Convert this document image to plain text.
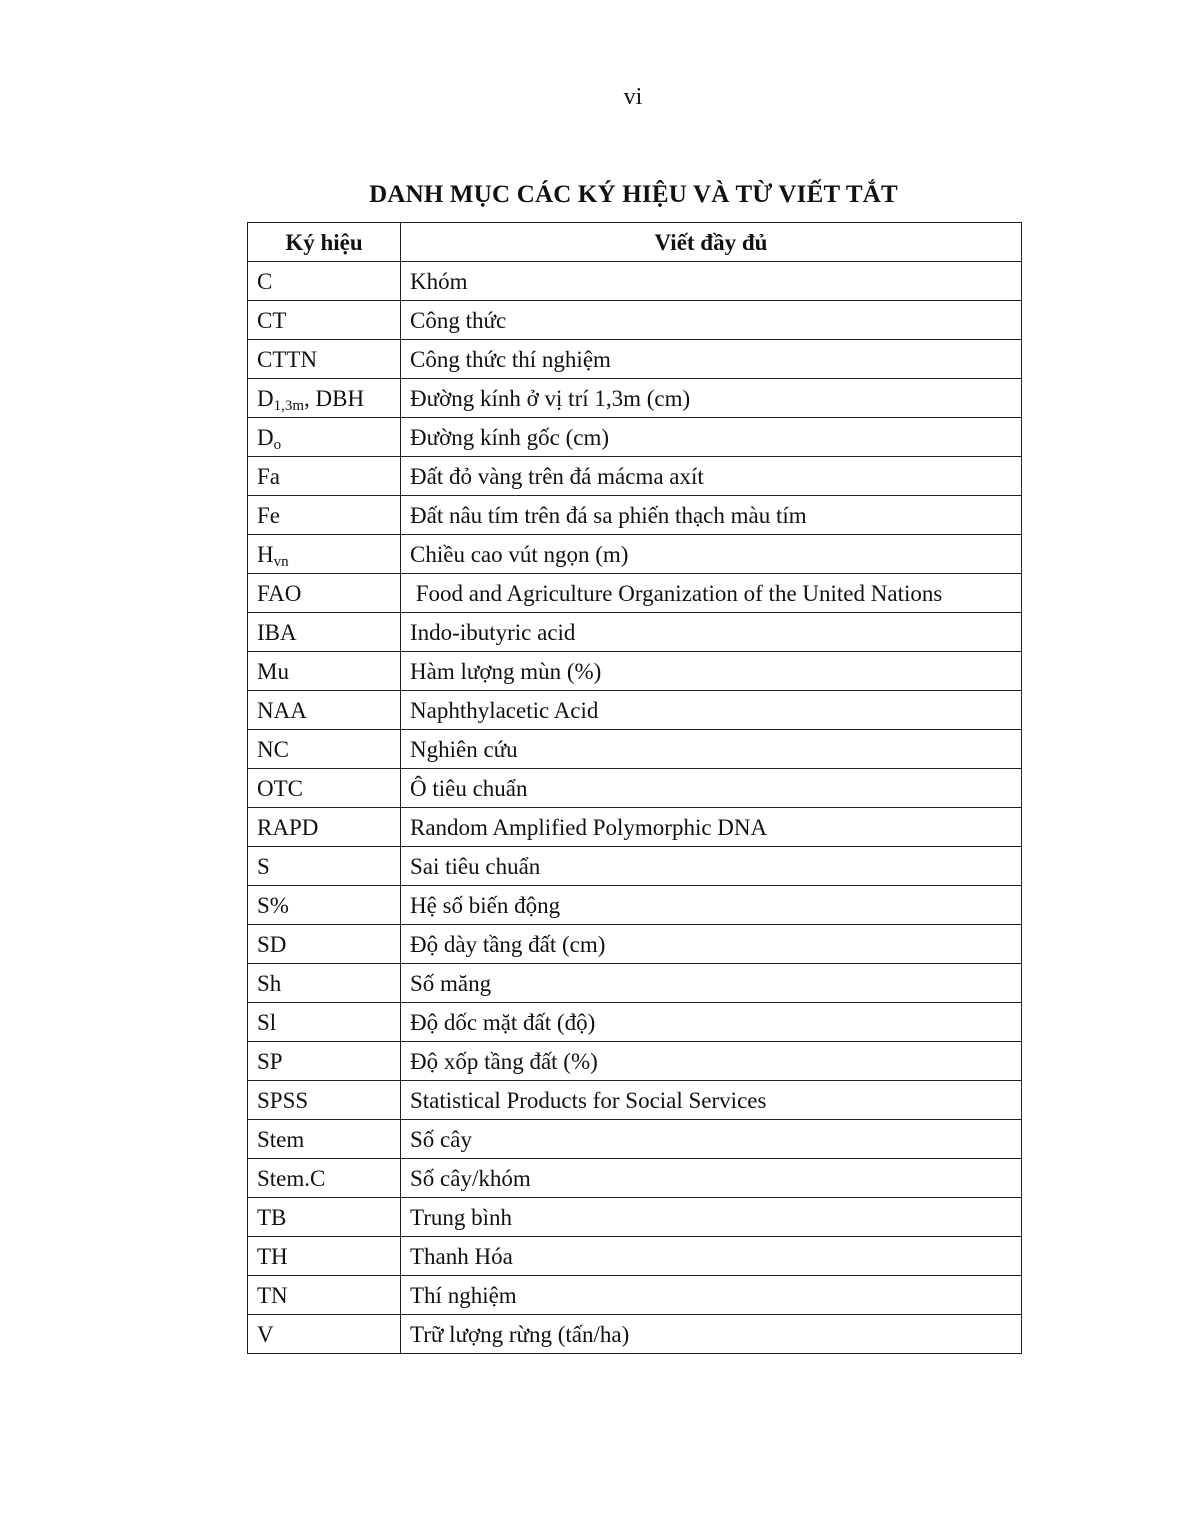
vi
DANH MỤC CÁC KÝ HIỆU VÀ TỪ VIẾT TẮT
Ký hiệu	Viết đầy đủ
C	Khóm
CT	Công thức
CTTN	Công thức thí nghiệm
$D_{1,3m}$, DBH	Đường kính ở vị trí 1,3m (cm)
$D_o$	Đường kính gốc (cm)
Fa	Đất đỏ vàng trên đá mácma axít
Fe	Đất nâu tím trên đá sa phiến thạch màu tím
$H_{vn}$	Chiều cao vút ngọn (m)
FAO	Food and Agriculture Organization of the United Nations
IBA	Indo-ibutyric acid
Mu	Hàm lượng mùn (%)
NAA	Naphthylacetic Acid
NC	Nghiên cứu
OTC	Ô tiêu chuẩn
RAPD	Random Amplified Polymorphic DNA
S	Sai tiêu chuẩn
S%	Hệ số biến động
SD	Độ dày tầng đất (cm)
Sh	Số măng
Sl	Độ dốc mặt đất (độ)
SP	Độ xốp tầng đất (%)
SPSS	Statistical Products for Social Services
Stem	Số cây
Stem.C	Số cây/khóm
TB	Trung bình
TH	Thanh Hóa
TN	Thí nghiệm
V	Trữ lượng rừng (tấn/ha)
